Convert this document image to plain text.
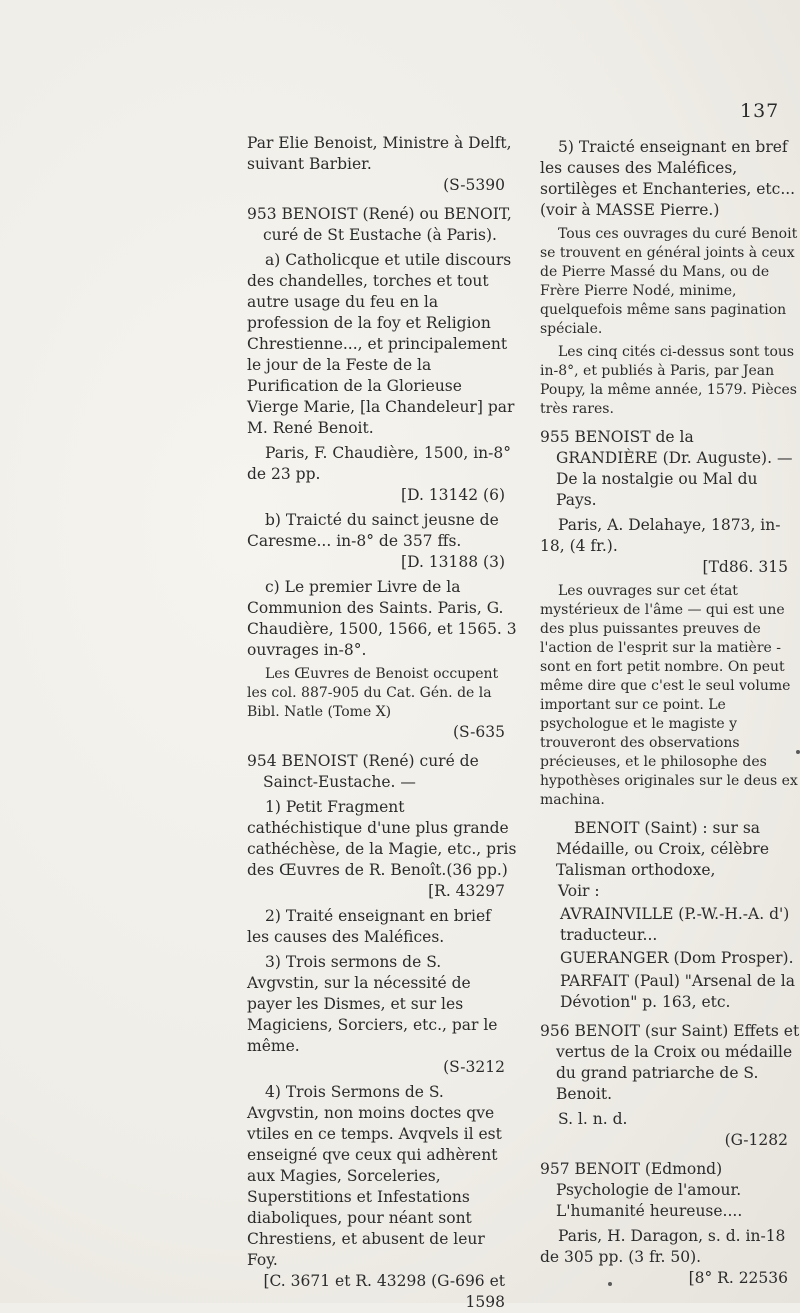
137

Par Elie Benoist, Ministre à Delft, suivant Barbier.

(S-5390

953 BENOIST (René) ou BENOIT, curé de St Eustache (à Paris).

a) Catholicque et utile discours des chandelles, torches et tout autre usage du feu en la profession de la foy et Religion Chrestienne..., et principalement le jour de la Feste de la Purification de la Glorieuse Vierge Marie, [la Chandeleur] par M. René Benoit.

Paris, F. Chaudière, 1500, in-8° de 23 pp.

[D. 13142 (6)

b) Traicté du sainct jeusne de Caresme... in-8° de 357 ffs.

[D. 13188 (3)

c) Le premier Livre de la Communion des Saints. Paris, G. Chaudière, 1500, 1566, et 1565. 3 ouvrages in-8°.

Les Œuvres de Benoist occupent les col. 887-905 du Cat. Gén. de la Bibl. Natle (Tome X)

(S-635

954 BENOIST (René) curé de Sainct-Eustache. —

1) Petit Fragment cathéchistique d'une plus grande cathéchèse, de la Magie, etc., pris des Œuvres de R. Benoît.(36 pp.)

[R. 43297

2) Traité enseignant en brief les causes des Maléfices.

3) Trois sermons de S. Avgvstin, sur la nécessité de payer les Dismes, et sur les Magiciens, Sorciers, etc., par le même.

(S-3212

4) Trois Sermons de S. Avgvstin, non moins doctes qve vtiles en ce temps. Avqvels il est enseigné qve ceux qui adhèrent aux Magies, Sorceleries, Superstitions et Infestations diaboliques, pour néant sont Chrestiens, et abusent de leur Foy.

[C. 3671 et R. 43298 (G-696 et 1598

5) Traicté enseignant en bref les causes des Maléfices, sortilèges et Enchanteries, etc... (voir à MASSE Pierre.)

Tous ces ouvrages du curé Benoit se trouvent en général joints à ceux de Pierre Massé du Mans, ou de Frère Pierre Nodé, minime, quelquefois même sans pagination spéciale.

Les cinq cités ci-dessus sont tous in-8°, et publiés à Paris, par Jean Poupy, la même année, 1579. Pièces très rares.

955 BENOIST de la GRANDIÈRE (Dr. Auguste). — De la nostalgie ou Mal du Pays.

Paris, A. Delahaye, 1873, in-18, (4 fr.).

[Td86. 315

Les ouvrages sur cet état mystérieux de l'âme — qui est une des plus puissantes preuves de l'action de l'esprit sur la matière - sont en fort petit nombre. On peut même dire que c'est le seul volume important sur ce point. Le psychologue et le magiste y trouveront des observations précieuses, et le philosophe des hypothèses originales sur le deus ex machina.

BENOIT (Saint) : sur sa Médaille, ou Croix, célèbre Talisman orthodoxe,

Voir :

AVRAINVILLE (P.-W.-H.-A. d') traducteur...

GUERANGER (Dom Prosper).

PARFAIT (Paul) "Arsenal de la Dévotion" p. 163, etc.

956 BENOIT (sur Saint) Effets et vertus de la Croix ou médaille du grand patriarche de S. Benoit.

S. l. n. d.

(G-1282

957 BENOIT (Edmond) Psychologie de l'amour. L'humanité heureuse....

Paris, H. Daragon, s. d. in-18 de 305 pp. (3 fr. 50).

[8° R. 22536
